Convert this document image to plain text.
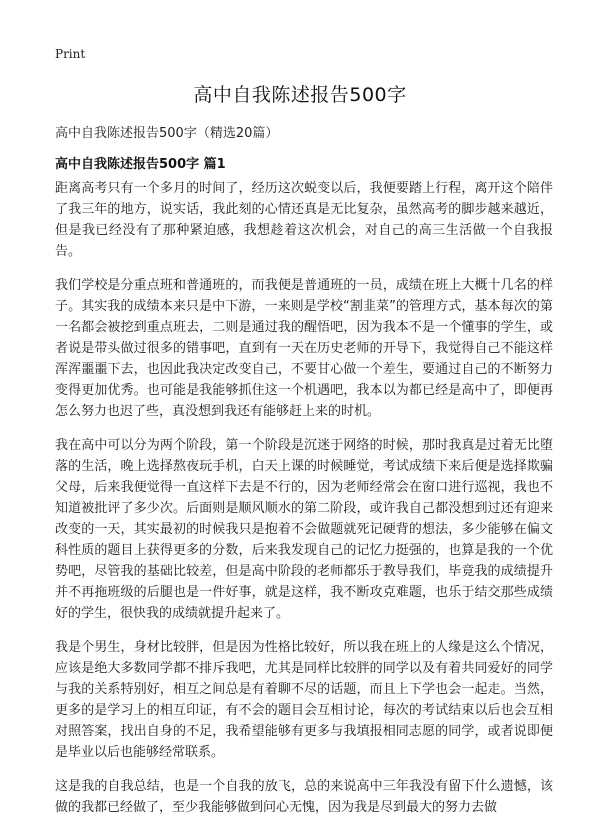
Print
高中自我陈述报告500字
高中自我陈述报告500字（精选20篇）
高中自我陈述报告500字 篇1

距离高考只有一个多月的时间了，经历这次蜕变以后，我便要踏上行程，离开这个陪伴了我三年的地方，说实话，我此刻的心情还真是无比复杂，虽然高考的脚步越来越近，但是我已经没有了那种紧迫感，我想趁着这次机会，对自己的高三生活做一个自我报告。

我们学校是分重点班和普通班的，而我便是普通班的一员，成绩在班上大概十几名的样子。其实我的成绩本来只是中下游，一来则是学校“割韭菜”的管理方式，基本每次的第一名都会被挖到重点班去，二则是通过我的醒悟吧，因为我本不是一个懂事的学生，或者说是带头做过很多的错事吧，直到有一天在历史老师的开导下，我觉得自己不能这样浑浑噩噩下去，也因此我决定改变自己，不要甘心做一个差生，要通过自己的不断努力变得更加优秀。也可能是我能够抓住这一个机遇吧，我本以为都已经是高中了，即便再怎么努力也迟了些，真没想到我还有能够赶上来的时机。

我在高中可以分为两个阶段，第一个阶段是沉迷于网络的时候，那时我真是过着无比堕落的生活，晚上选择熬夜玩手机，白天上课的时候睡觉，考试成绩下来后便是选择欺骗父母，后来我便觉得一直这样下去是不行的，因为老师经常会在窗口进行巡视，我也不知道被批评了多少次。后面则是顺风顺水的第二阶段，或许我自己都没想到过还有迎来改变的一天，其实最初的时候我只是抱着不会做题就死记硬背的想法，多少能够在偏文科性质的题目上获得更多的分数，后来我发现自己的记忆力挺强的，也算是我的一个优势吧，尽管我的基础比较差，但是高中阶段的老师都乐于教导我们，毕竟我的成绩提升并不再拖班级的后腿也是一件好事，就是这样，我不断攻克难题，也乐于结交那些成绩好的学生，很快我的成绩就提升起来了。

我是个男生，身材比较胖，但是因为性格比较好，所以我在班上的人缘是这么个情况，应该是绝大多数同学都不排斥我吧，尤其是同样比较胖的同学以及有着共同爱好的同学与我的关系特别好，相互之间总是有着聊不尽的话题，而且上下学也会一起走。当然，更多的是学习上的相互印证，有不会的题目会互相讨论，每次的考试结束以后也会互相对照答案，找出自身的不足，我希望能够有更多与我填报相同志愿的同学，或者说即便是毕业以后也能够经常联系。

这是我的自我总结，也是一个自我的放飞，总的来说高中三年我没有留下什么遗憾，该做的我都已经做了，至少我能够做到问心无愧，因为我是尽到最大的努力去做
